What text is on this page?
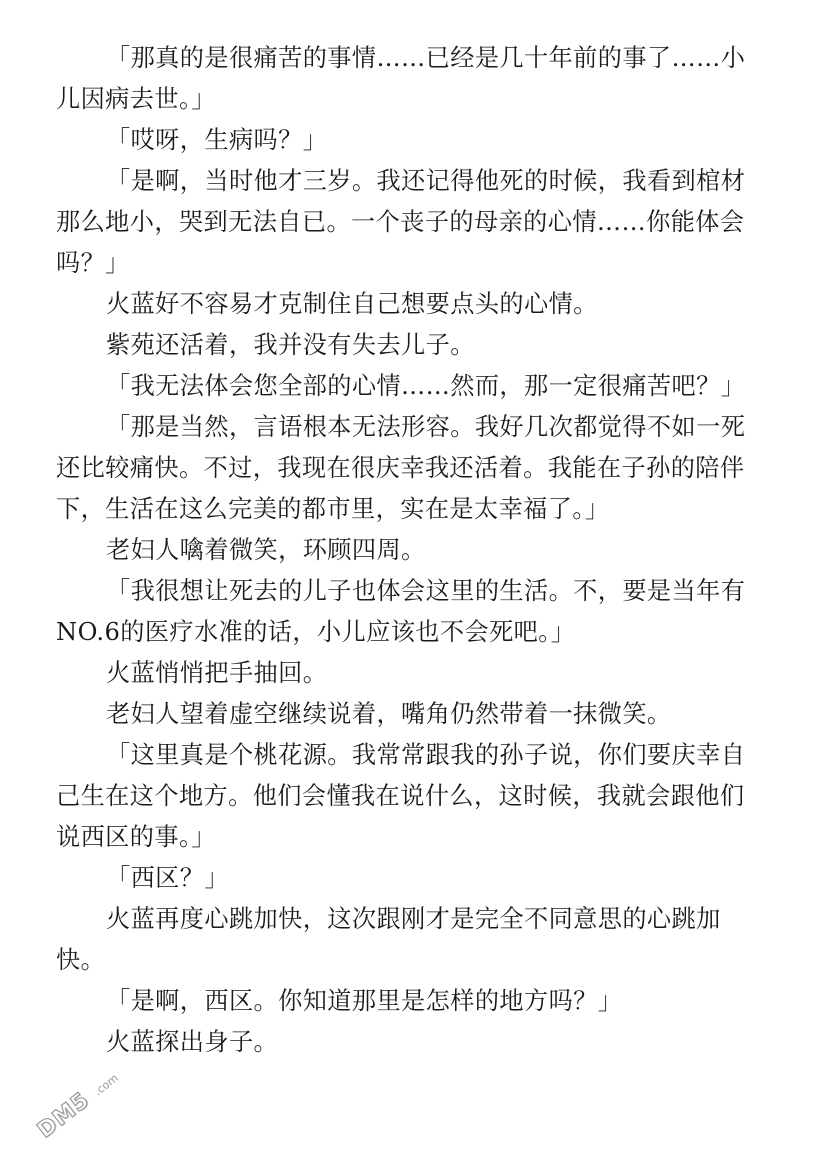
「那真的是很痛苦的事情……已经是几十年前的事了……小儿因病去世。」

「哎呀，生病吗？」

「是啊，当时他才三岁。我还记得他死的时候，我看到棺材那么地小，哭到无法自已。一个丧子的母亲的心情……你能体会吗？」

火蓝好不容易才克制住自己想要点头的心情。

紫苑还活着，我并没有失去儿子。

「我无法体会您全部的心情……然而，那一定很痛苦吧？」

「那是当然，言语根本无法形容。我好几次都觉得不如一死还比较痛快。不过，我现在很庆幸我还活着。我能在子孙的陪伴下，生活在这么完美的都市里，实在是太幸福了。」

老妇人噙着微笑，环顾四周。

「我很想让死去的儿子也体会这里的生活。不，要是当年有NO.6的医疗水准的话，小儿应该也不会死吧。」

火蓝悄悄把手抽回。

老妇人望着虚空继续说着，嘴角仍然带着一抹微笑。

「这里真是个桃花源。我常常跟我的孙子说，你们要庆幸自己生在这个地方。他们会懂我在说什么，这时候，我就会跟他们说西区的事。」

「西区？」

火蓝再度心跳加快，这次跟刚才是完全不同意思的心跳加快。

「是啊，西区。你知道那里是怎样的地方吗？」

火蓝探出身子。

DM5
.com
